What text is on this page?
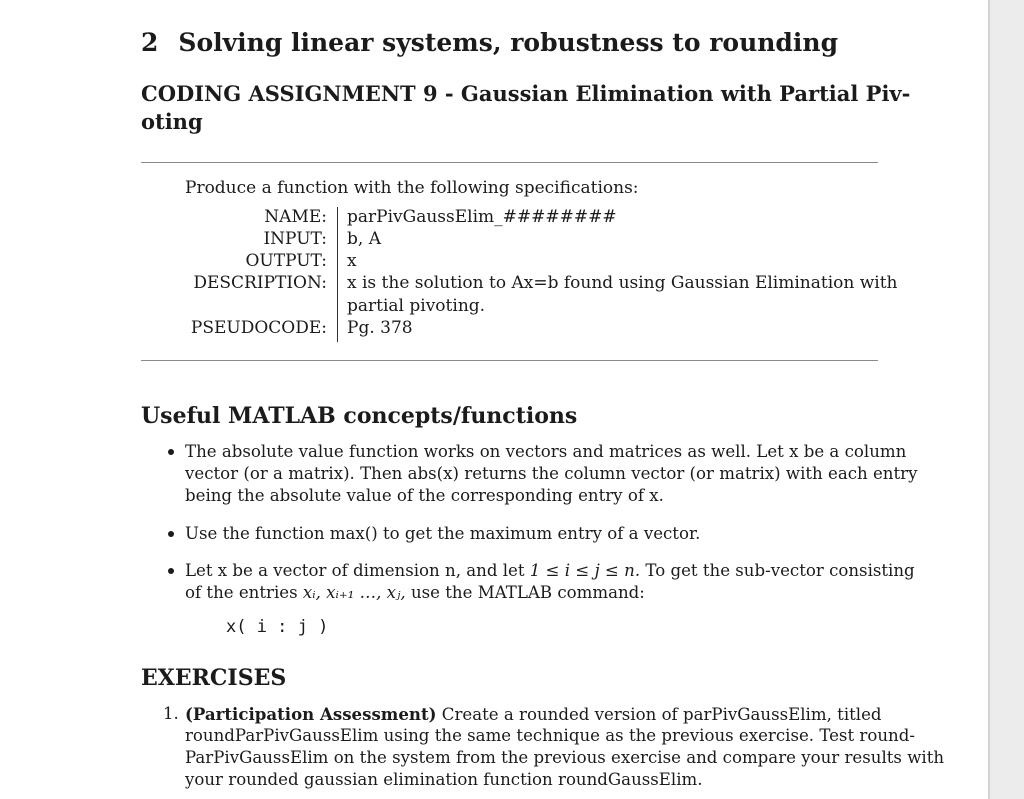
2 Solving linear systems, robustness to rounding
CODING ASSIGNMENT 9 - Gaussian Elimination with Partial Piv-
oting
Produce a function with the following specifications:
NAME: parPivGaussElim_########
INPUT: b, A
OUTPUT: x
DESCRIPTION: x is the solution to Ax=b found using Gaussian Elimination with
partial pivoting.
PSEUDOCODE: Pg. 378
Useful MATLAB concepts/functions
The absolute value function works on vectors and matrices as well. Let x be a column
vector (or a matrix). Then abs(x) returns the column vector (or matrix) with each entry
being the absolute value of the corresponding entry of x.
Use the function max() to get the maximum entry of a vector.
Let x be a vector of dimension n, and let 1 ≤ i ≤ j ≤ n. To get the sub-vector consisting
of the entries xᵢ, xᵢ₊₁ …, xⱼ, use the MATLAB command:
x( i : j )
EXERCISES
1. (Participation Assessment) Create a rounded version of parPivGaussElim, titled
roundParPivGaussElim using the same technique as the previous exercise. Test round-
ParPivGaussElim on the system from the previous exercise and compare your results with
your rounded gaussian elimination function roundGaussElim.
